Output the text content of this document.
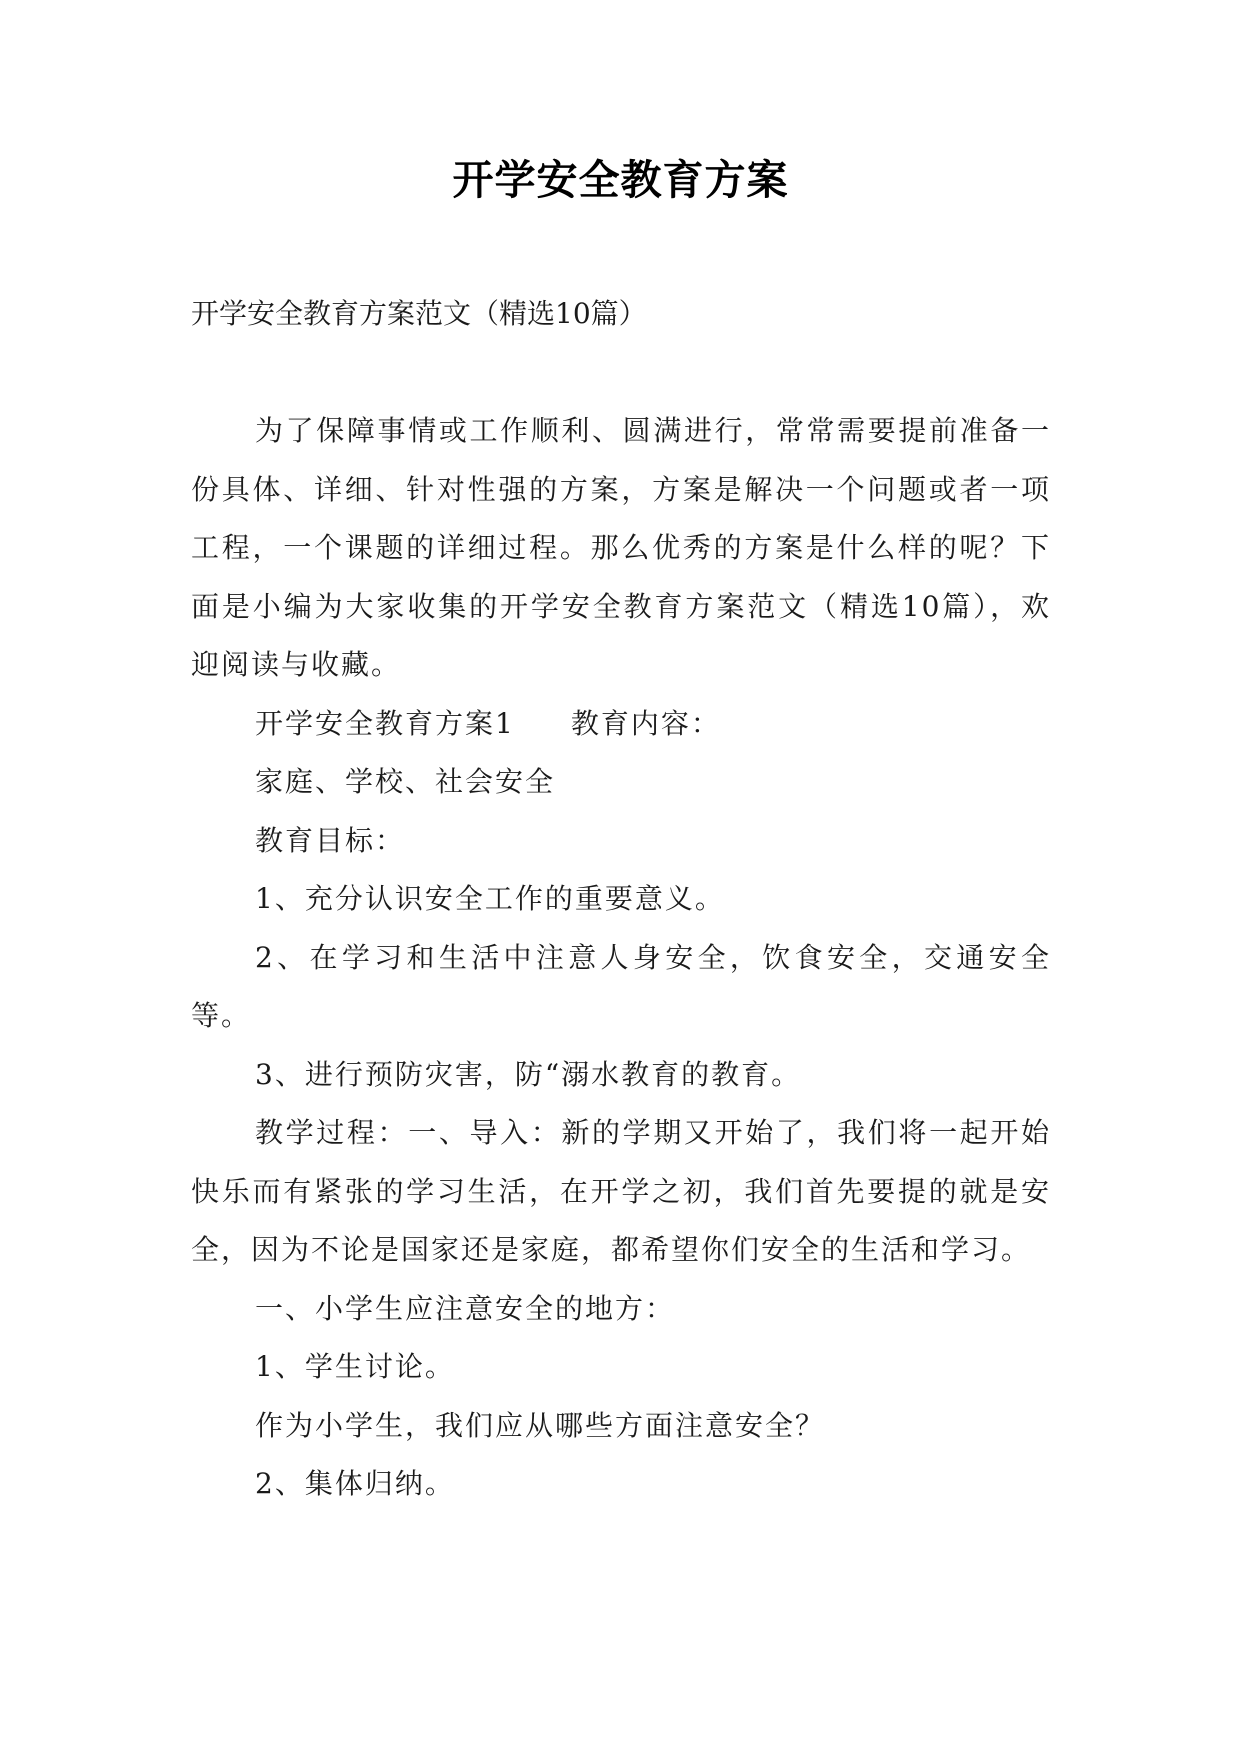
开学安全教育方案
开学安全教育方案范文（精选10篇）

为了保障事情或工作顺利、圆满进行，常常需要提前准备一份具体、详细、针对性强的方案，方案是解决一个问题或者一项工程，一个课题的详细过程。那么优秀的方案是什么样的呢？下面是小编为大家收集的开学安全教育方案范文（精选10篇），欢迎阅读与收藏。

开学安全教育方案1 教育内容：

家庭、学校、社会安全

教育目标：

1、充分认识安全工作的重要意义。

2、在学习和生活中注意人身安全，饮食安全，交通安全等。

3、进行预防灾害，防“溺水教育的教育。

教学过程：一、导入：新的学期又开始了，我们将一起开始快乐而有紧张的学习生活，在开学之初，我们首先要提的就是安全，因为不论是国家还是家庭，都希望你们安全的生活和学习。

一、小学生应注意安全的地方：

1、学生讨论。

作为小学生，我们应从哪些方面注意安全？

2、集体归纳。
